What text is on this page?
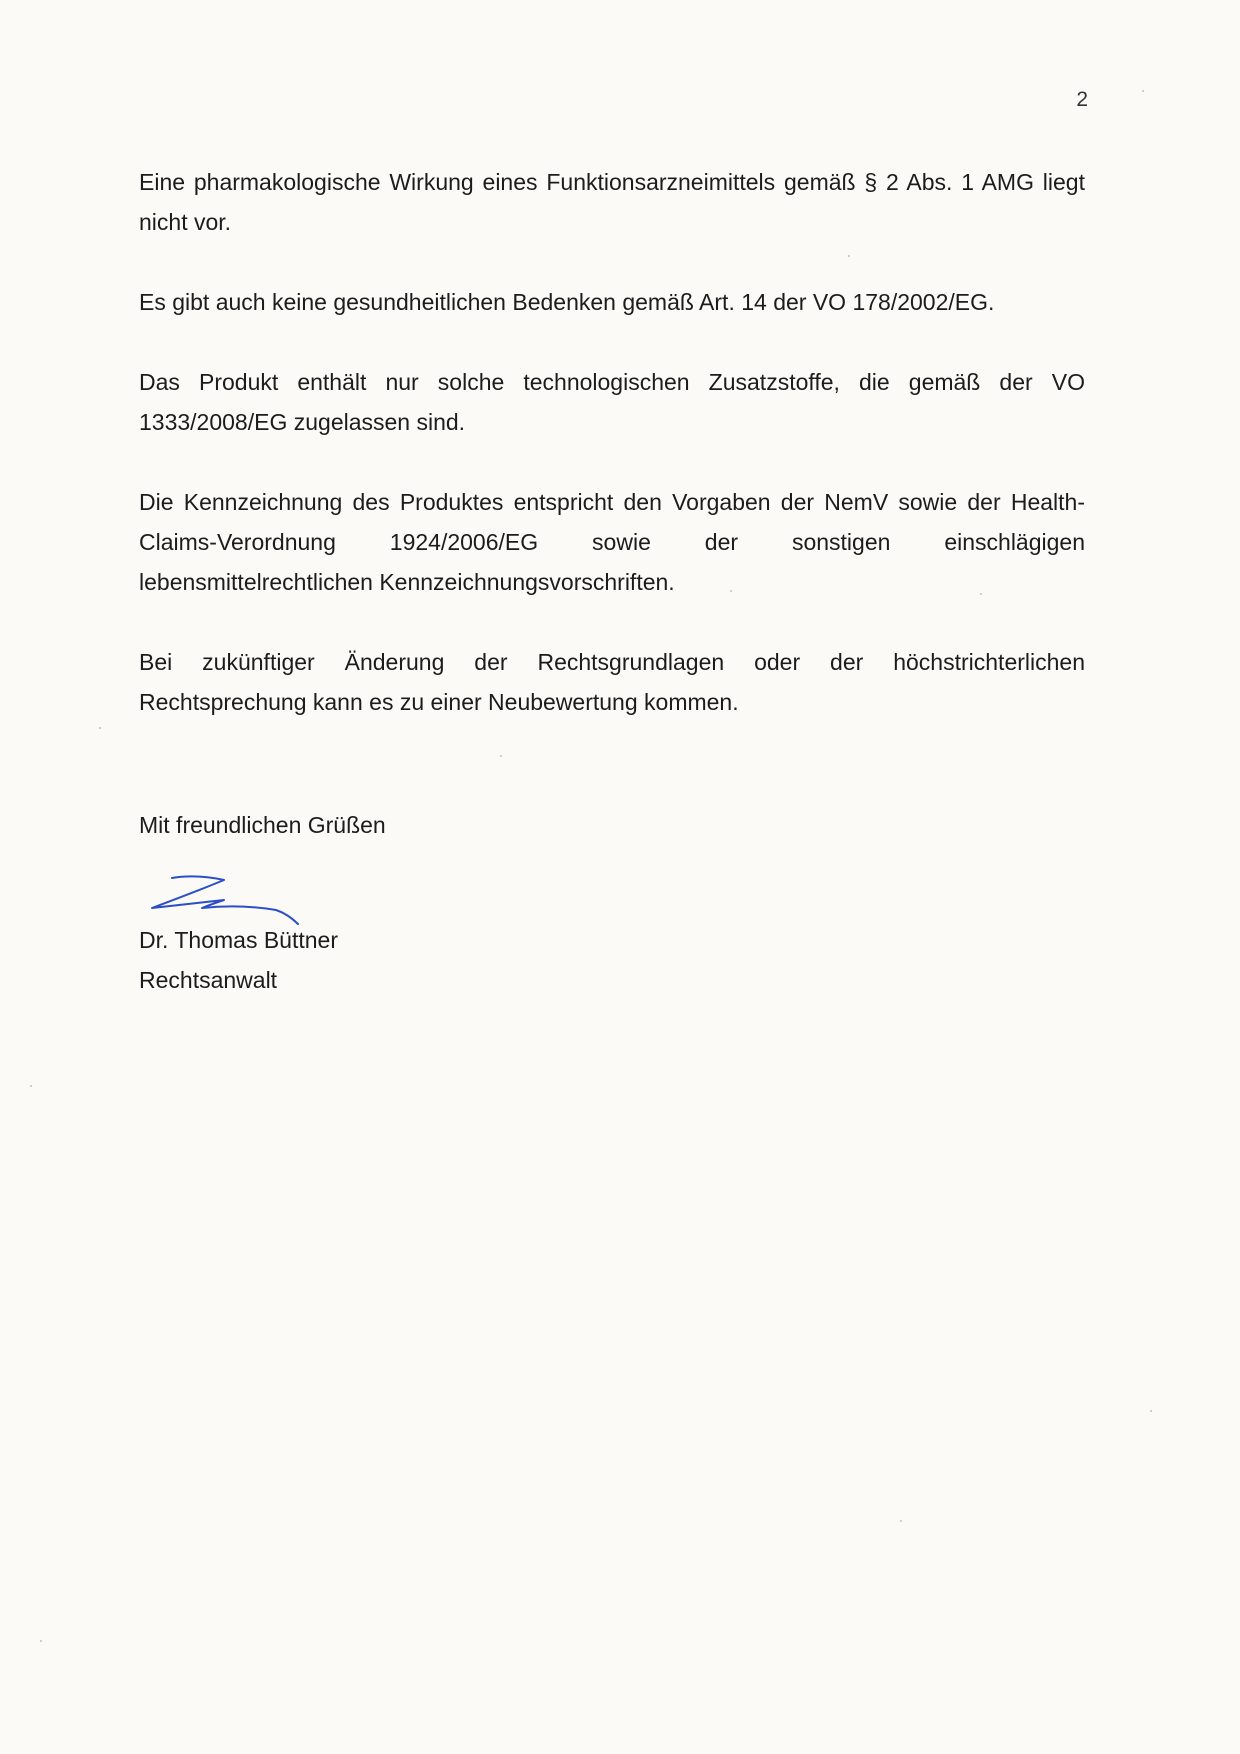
2

Eine pharmakologische Wirkung eines Funktionsarzneimittels gemäß § 2 Abs. 1 AMG liegt nicht vor.

Es gibt auch keine gesundheitlichen Bedenken gemäß Art. 14 der VO 178/2002/EG.

Das Produkt enthält nur solche technologischen Zusatzstoffe, die gemäß der VO 1333/2008/EG zugelassen sind.

Die Kennzeichnung des Produktes entspricht den Vorgaben der NemV sowie der Health-Claims-Verordnung 1924/2006/EG sowie der sonstigen einschlägigen lebensmittelrechtlichen Kennzeichnungsvorschriften.

Bei zukünftiger Änderung der Rechtsgrundlagen oder der höchstrichterlichen Rechtsprechung kann es zu einer Neubewertung kommen.

Mit freundlichen Grüßen

Dr. Thomas Büttner

Rechtsanwalt
